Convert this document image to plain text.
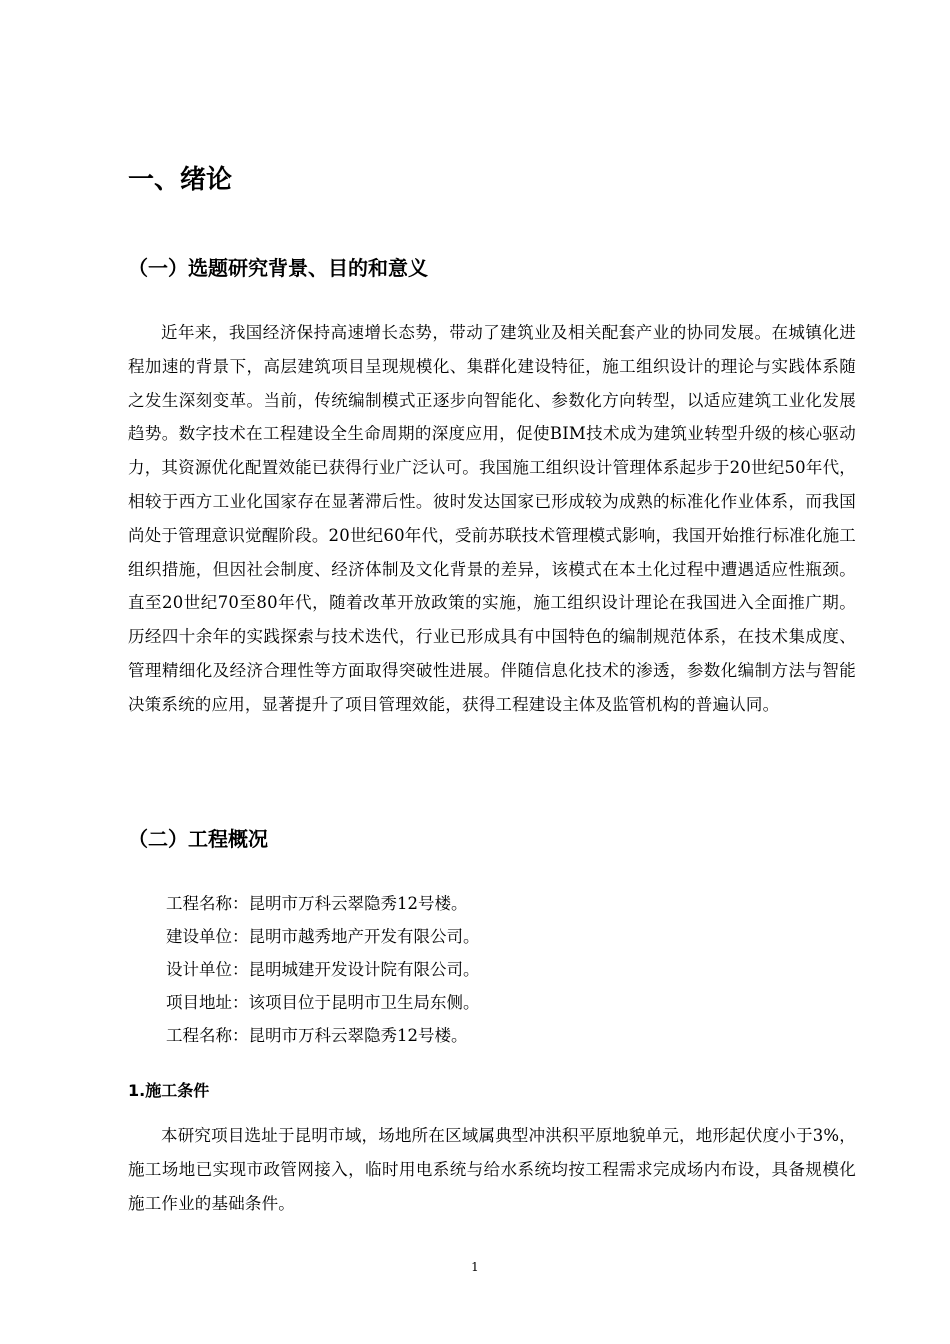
一、绪论
（一）选题研究背景、目的和意义
近年来，我国经济保持高速增长态势，带动了建筑业及相关配套产业的协同发展。在城镇化进程加速的背景下，高层建筑项目呈现规模化、集群化建设特征，施工组织设计的理论与实践体系随之发生深刻变革。当前，传统编制模式正逐步向智能化、参数化方向转型，以适应建筑工业化发展趋势。数字技术在工程建设全生命周期的深度应用，促使BIM技术成为建筑业转型升级的核心驱动力，其资源优化配置效能已获得行业广泛认可。我国施工组织设计管理体系起步于20世纪50年代，相较于西方工业化国家存在显著滞后性。彼时发达国家已形成较为成熟的标准化作业体系，而我国尚处于管理意识觉醒阶段。20世纪60年代，受前苏联技术管理模式影响，我国开始推行标准化施工组织措施，但因社会制度、经济体制及文化背景的差异，该模式在本土化过程中遭遇适应性瓶颈。直至20世纪70至80年代，随着改革开放政策的实施，施工组织设计理论在我国进入全面推广期。历经四十余年的实践探索与技术迭代，行业已形成具有中国特色的编制规范体系，在技术集成度、管理精细化及经济合理性等方面取得突破性进展。伴随信息化技术的渗透，参数化编制方法与智能决策系统的应用，显著提升了项目管理效能，获得工程建设主体及监管机构的普遍认同。
（二）工程概况
工程名称：昆明市万科云翠隐秀12号楼。
建设单位：昆明市越秀地产开发有限公司。
设计单位：昆明城建开发设计院有限公司。
项目地址：该项目位于昆明市卫生局东侧。
工程名称：昆明市万科云翠隐秀12号楼。
1.施工条件
本研究项目选址于昆明市域，场地所在区域属典型冲洪积平原地貌单元，地形起伏度小于3%，施工场地已实现市政管网接入，临时用电系统与给水系统均按工程需求完成场内布设，具备规模化施工作业的基础条件。
1
